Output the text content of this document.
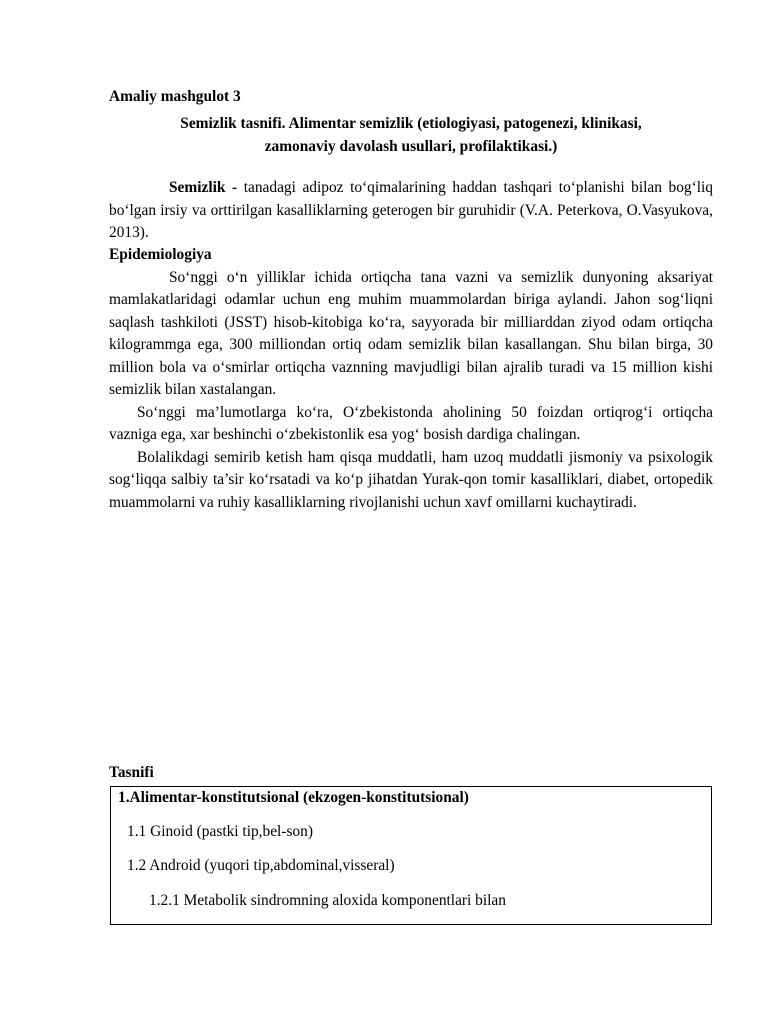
Amaliy mashgulot 3
Semizlik tasnifi. Alimentar semizlik (etiologiyasi, patogenezi, klinikasi,
zamonaviy davolash usullari, profilaktikasi.)

Semizlik - tanadagi adipoz to‘qimalarining haddan tashqari to‘planishi bilan bog‘liq bo‘lgan irsiy va orttirilgan kasalliklarning geterogen bir guruhidir (V.A. Peterkova, O.Vasyukova, 2013).

Epidemiologiya

So‘nggi o‘n yilliklar ichida ortiqcha tana vazni va semizlik dunyoning aksariyat mamlakatlaridagi odamlar uchun eng muhim muammolardan biriga aylandi. Jahon sog‘liqni saqlash tashkiloti (JSST) hisob-kitobiga ko‘ra, sayyorada bir milliarddan ziyod odam ortiqcha kilogrammga ega, 300 milliondan ortiq odam semizlik bilan kasallangan. Shu bilan birga, 30 million bola va o‘smirlar ortiqcha vaznning mavjudligi bilan ajralib turadi va 15 million kishi semizlik bilan xastalangan.

So‘nggi ma’lumotlarga ko‘ra, O‘zbekistonda aholining 50 foizdan ortiqrog‘i ortiqcha vazniga ega, xar beshinchi o‘zbekistonlik esa yog‘ bosish dardiga chalingan.

Bolalikdagi semirib ketish ham qisqa muddatli, ham uzoq muddatli jismoniy va psixologik sog‘liqqa salbiy ta’sir ko‘rsatadi va ko‘p jihatdan Yurak-qon tomir kasalliklari, diabet, ortopedik muammolarni va ruhiy kasalliklarning rivojlanishi uchun xavf omillarni kuchaytiradi.

Tasnifi
1.Alimentar-konstitutsional (ekzogen-konstitutsional)
1.1 Ginoid (pastki tip,bel-son)
1.2 Android (yuqori tip,abdominal,visseral)
1.2.1 Metabolik sindromning aloxida komponentlari bilan
